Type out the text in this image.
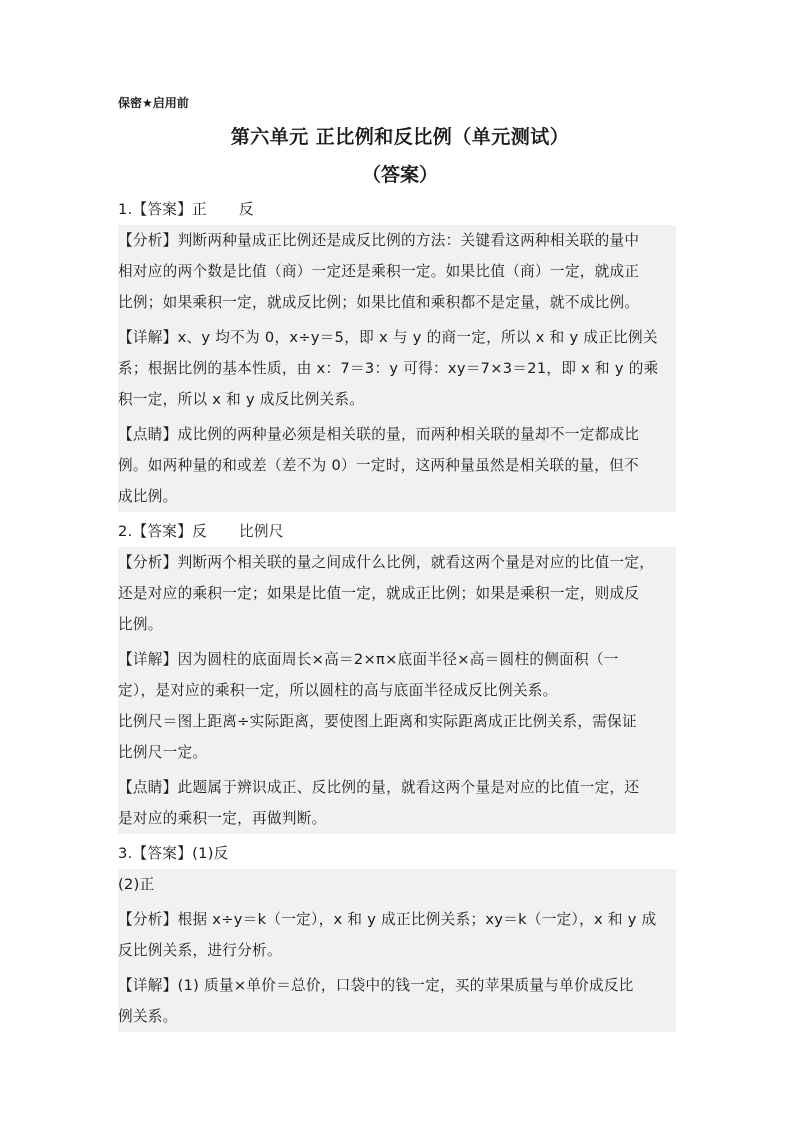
保密★启用前
第六单元 正比例和反比例（单元测试）
（答案）
1.【答案】正 反
【分析】判断两种量成正比例还是成反比例的方法：关键看这两种相关联的量中
相对应的两个数是比值（商）一定还是乘积一定。如果比值（商）一定，就成正
比例；如果乘积一定，就成反比例；如果比值和乘积都不是定量，就不成比例。
【详解】x、y 均不为 0，x÷y＝5，即 x 与 y 的商一定，所以 x 和 y 成正比例关
系；根据比例的基本性质，由 x：7＝3：y 可得：xy＝7×3＝21，即 x 和 y 的乘
积一定，所以 x 和 y 成反比例关系。
【点睛】成比例的两种量必须是相关联的量，而两种相关联的量却不一定都成比
例。如两种量的和或差（差不为 0）一定时，这两种量虽然是相关联的量，但不
成比例。
2.【答案】反 比例尺
【分析】判断两个相关联的量之间成什么比例，就看这两个量是对应的比值一定，
还是对应的乘积一定；如果是比值一定，就成正比例；如果是乘积一定，则成反
比例。
【详解】因为圆柱的底面周长×高＝2×π×底面半径×高＝圆柱的侧面积（一
定），是对应的乘积一定，所以圆柱的高与底面半径成反比例关系。
比例尺＝图上距离÷实际距离，要使图上距离和实际距离成正比例关系，需保证
比例尺一定。
【点睛】此题属于辨识成正、反比例的量，就看这两个量是对应的比值一定，还
是对应的乘积一定，再做判断。
3.【答案】(1)反
(2)正
【分析】根据 x÷y＝k（一定），x 和 y 成正比例关系；xy＝k（一定），x 和 y 成
反比例关系，进行分析。
【详解】(1) 质量×单价＝总价，口袋中的钱一定，买的苹果质量与单价成反比
例关系。
